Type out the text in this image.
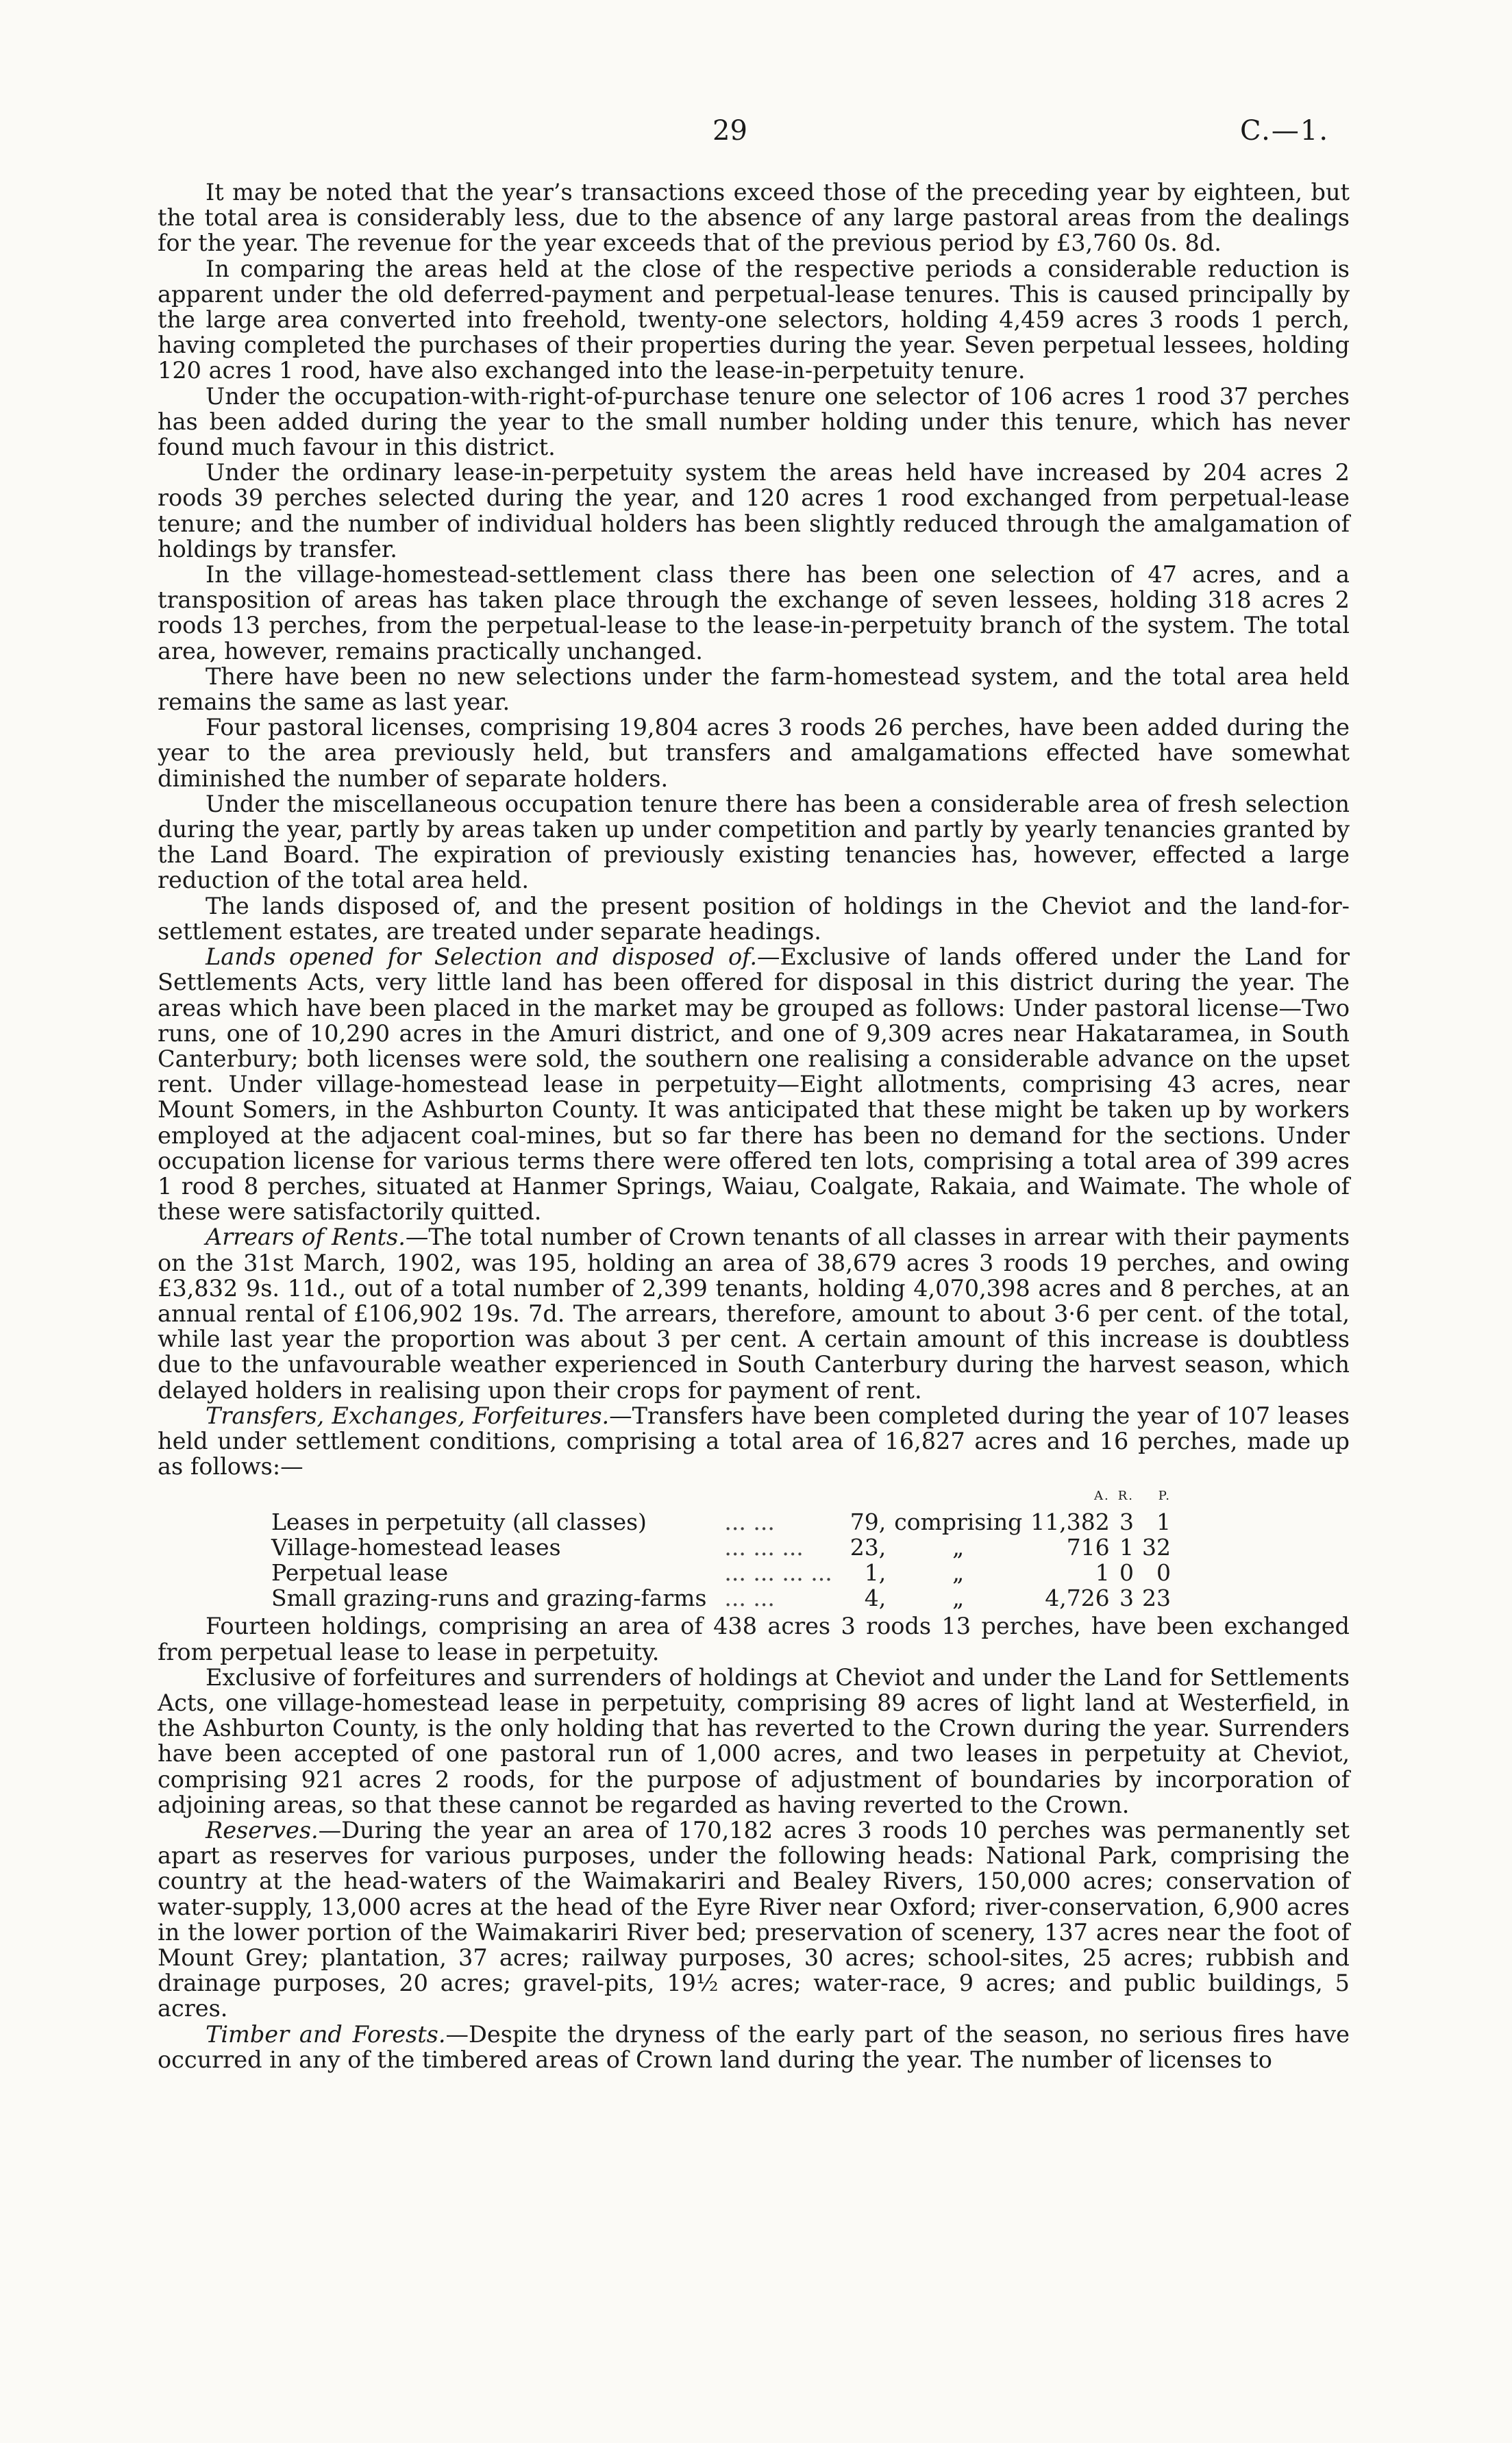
29	C.—1.

It may be noted that the year’s transactions exceed those of the preceding year by eighteen, but the total area is considerably less, due to the absence of any large pastoral areas from the dealings for the year. The revenue for the year exceeds that of the previous period by £3,760 0s. 8d.

In comparing the areas held at the close of the respective periods a considerable reduction is apparent under the old deferred-payment and perpetual-lease tenures. This is caused principally by the large area converted into freehold, twenty-one selectors, holding 4,459 acres 3 roods 1 perch, having completed the purchases of their properties during the year. Seven perpetual lessees, holding 120 acres 1 rood, have also exchanged into the lease-in-perpetuity tenure.

Under the occupation-with-right-of-purchase tenure one selector of 106 acres 1 rood 37 perches has been added during the year to the small number holding under this tenure, which has never found much favour in this district.

Under the ordinary lease-in-perpetuity system the areas held have increased by 204 acres 2 roods 39 perches selected during the year, and 120 acres 1 rood exchanged from perpetual-lease tenure; and the number of individual holders has been slightly reduced through the amalgamation of holdings by transfer.

In the village-homestead-settlement class there has been one selection of 47 acres, and a transposition of areas has taken place through the exchange of seven lessees, holding 318 acres 2 roods 13 perches, from the perpetual-lease to the lease-in-perpetuity branch of the system. The total area, however, remains practically unchanged.

There have been no new selections under the farm-homestead system, and the total area held remains the same as last year.

Four pastoral licenses, comprising 19,804 acres 3 roods 26 perches, have been added during the year to the area previously held, but transfers and amalgamations effected have somewhat diminished the number of separate holders.

Under the miscellaneous occupation tenure there has been a considerable area of fresh selection during the year, partly by areas taken up under competition and partly by yearly tenancies granted by the Land Board. The expiration of previously existing tenancies has, however, effected a large reduction of the total area held.

The lands disposed of, and the present position of holdings in the Cheviot and the land-for-settlement estates, are treated under separate headings.

Lands opened for Selection and disposed of.—Exclusive of lands offered under the Land for Settlements Acts, very little land has been offered for disposal in this district during the year. The areas which have been placed in the market may be grouped as follows: Under pastoral license—Two runs, one of 10,290 acres in the Amuri district, and one of 9,309 acres near Hakataramea, in South Canterbury; both licenses were sold, the southern one realising a considerable advance on the upset rent. Under village-homestead lease in perpetuity—Eight allotments, comprising 43 acres, near Mount Somers, in the Ashburton County. It was anticipated that these might be taken up by workers employed at the adjacent coal-mines, but so far there has been no demand for the sections. Under occupation license for various terms there were offered ten lots, comprising a total area of 399 acres 1 rood 8 perches, situated at Hanmer Springs, Waiau, Coalgate, Rakaia, and Waimate. The whole of these were satisfactorily quitted.

Arrears of Rents.—The total number of Crown tenants of all classes in arrear with their payments on the 31st March, 1902, was 195, holding an area of 38,679 acres 3 roods 19 perches, and owing £3,832 9s. 11d., out of a total number of 2,399 tenants, holding 4,070,398 acres and 8 perches, at an annual rental of £106,902 19s. 7d. The arrears, therefore, amount to about 3·6 per cent. of the total, while last year the proportion was about 3 per cent. A certain amount of this increase is doubtless due to the unfavourable weather experienced in South Canterbury during the harvest season, which delayed holders in realising upon their crops for payment of rent.

Transfers, Exchanges, Forfeitures.—Transfers have been completed during the year of 107 leases held under settlement conditions, comprising a total area of 16,827 acres and 16 perches, made up as follows:—

				A.	R.	P.
Leases in perpetuity (all classes)	... ...	79,	comprising	11,382	3	1
Village-homestead leases	... ... ...	23,	„	716	1	32
Perpetual lease	... ... ... ...	1,	„	1	0	0
Small grazing-runs and grazing-farms	... ...	4,	„	4,726	3	23

Fourteen holdings, comprising an area of 438 acres 3 roods 13 perches, have been exchanged from perpetual lease to lease in perpetuity.

Exclusive of forfeitures and surrenders of holdings at Cheviot and under the Land for Settlements Acts, one village-homestead lease in perpetuity, comprising 89 acres of light land at Westerfield, in the Ashburton County, is the only holding that has reverted to the Crown during the year. Surrenders have been accepted of one pastoral run of 1,000 acres, and two leases in perpetuity at Cheviot, comprising 921 acres 2 roods, for the purpose of adjustment of boundaries by incorporation of adjoining areas, so that these cannot be regarded as having reverted to the Crown.

Reserves.—During the year an area of 170,182 acres 3 roods 10 perches was permanently set apart as reserves for various purposes, under the following heads: National Park, comprising the country at the head-waters of the Waimakariri and Bealey Rivers, 150,000 acres; conservation of water-supply, 13,000 acres at the head of the Eyre River near Oxford; river-conservation, 6,900 acres in the lower portion of the Waimakariri River bed; preservation of scenery, 137 acres near the foot of Mount Grey; plantation, 37 acres; railway purposes, 30 acres; school-sites, 25 acres; rubbish and drainage purposes, 20 acres; gravel-pits, 19½ acres; water-race, 9 acres; and public buildings, 5 acres.

Timber and Forests.—Despite the dryness of the early part of the season, no serious fires have occurred in any of the timbered areas of Crown land during the year. The number of licenses to
